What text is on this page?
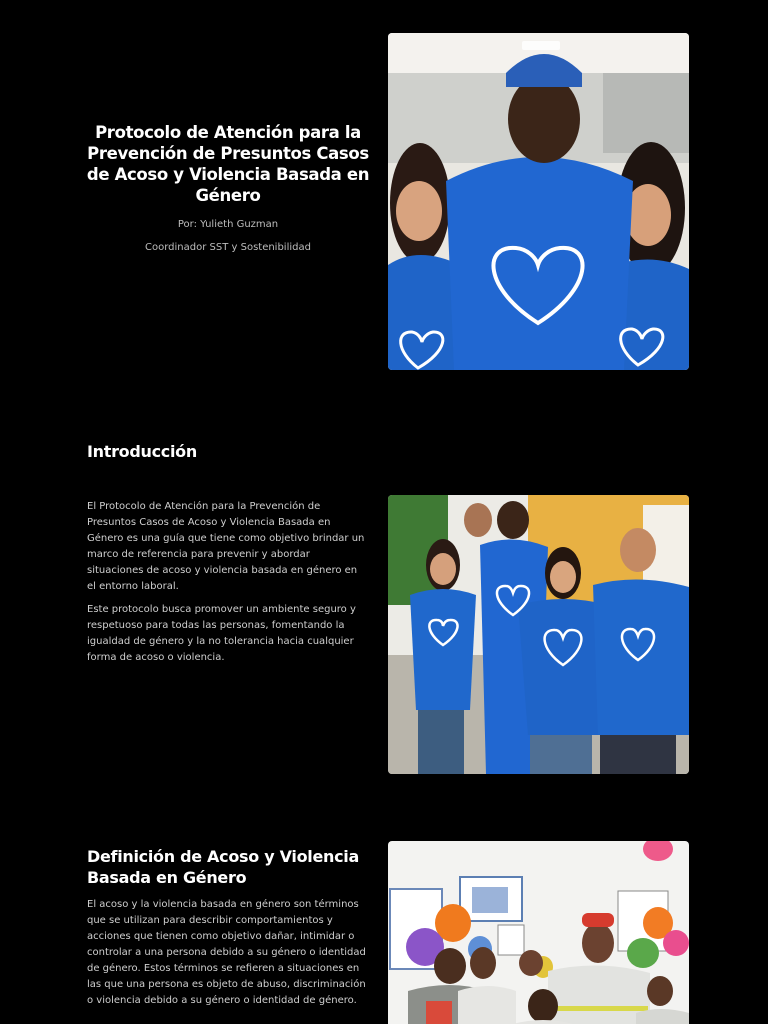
Protocolo de Atención para la Prevención de Presuntos Casos de Acoso y Violencia Basada en Género

Por: Yulieth Guzman

Coordinador SST y Sostenibilidad

Introducción

El Protocolo de Atención para la Prevención de Presuntos Casos de Acoso y Violencia Basada en Género es una guía que tiene como objetivo brindar un marco de referencia para prevenir y abordar situaciones de acoso y violencia basada en género en el entorno laboral.

Este protocolo busca promover un ambiente seguro y respetuoso para todas las personas, fomentando la igualdad de género y la no tolerancia hacia cualquier forma de acoso o violencia.

Definición de Acoso y Violencia Basada en Género

El acoso y la violencia basada en género son términos que se utilizan para describir comportamientos y acciones que tienen como objetivo dañar, intimidar o controlar a una persona debido a su género o identidad de género. Estos términos se refieren a situaciones en las que una persona es objeto de abuso, discriminación o violencia debido a su género o identidad de género.
